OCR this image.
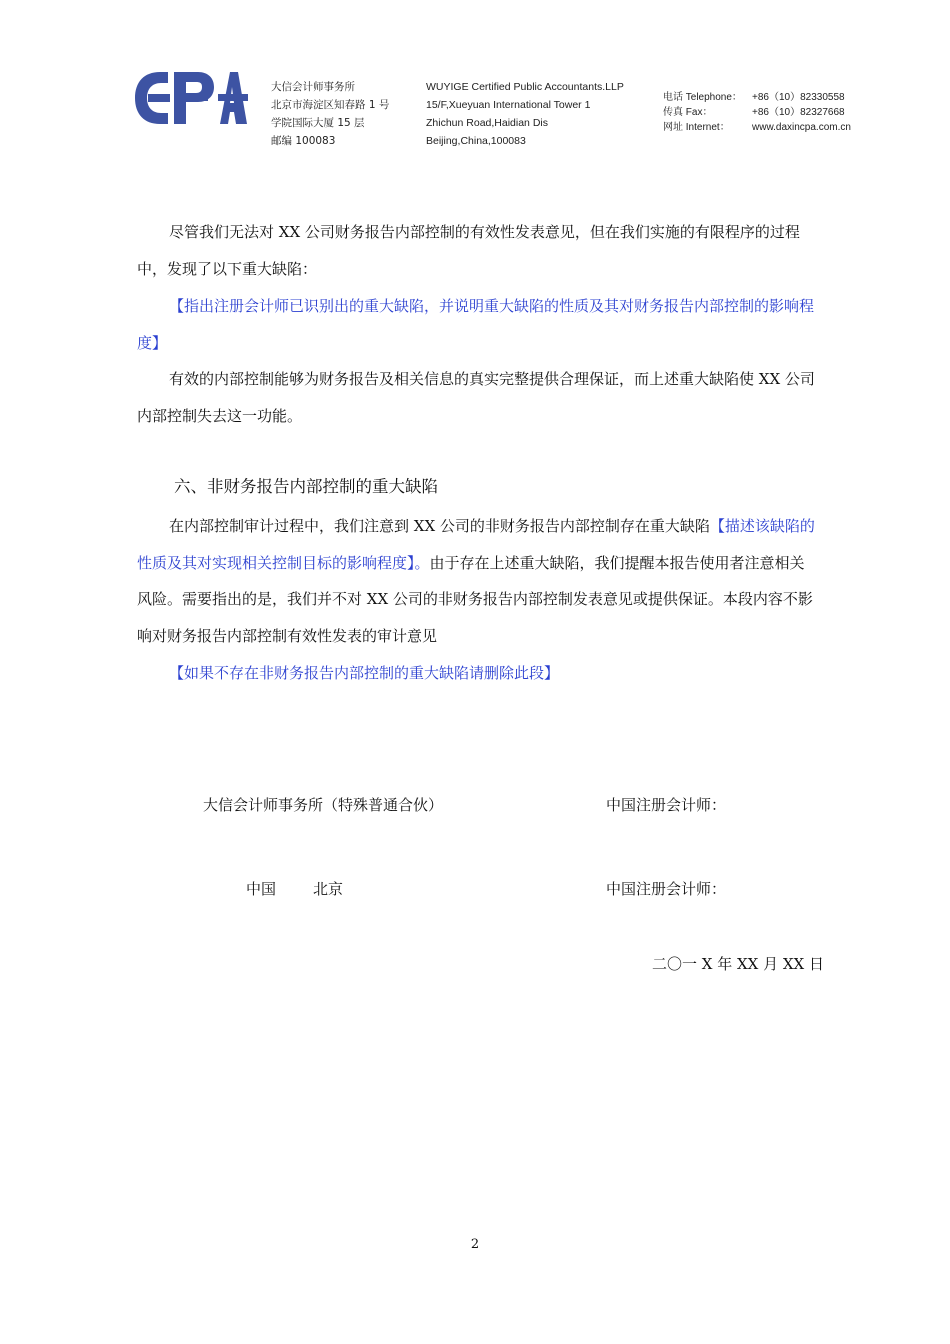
大信会计师事务所
北京市海淀区知春路 1 号
学院国际大厦 15 层
邮编 100083
WUYIGE Certified Public Accountants.LLP
15/F,Xueyuan International Tower 1
Zhichun Road,Haidian Dis
Beijing,China,100083
电话 Telephone：	+86（10）82330558
传真 Fax：	+86（10）82327668
网址 Internet：	www.daxincpa.com.cn
尽管我们无法对 XX 公司财务报告内部控制的有效性发表意见，但在我们实施的有限程序的过程中，发现了以下重大缺陷：
【指出注册会计师已识别出的重大缺陷，并说明重大缺陷的性质及其对财务报告内部控制的影响程度】
有效的内部控制能够为财务报告及相关信息的真实完整提供合理保证，而上述重大缺陷使 XX 公司内部控制失去这一功能。
六、非财务报告内部控制的重大缺陷
在内部控制审计过程中，我们注意到 XX 公司的非财务报告内部控制存在重大缺陷【描述该缺陷的性质及其对实现相关控制目标的影响程度】。由于存在上述重大缺陷，我们提醒本报告使用者注意相关风险。需要指出的是，我们并不对 XX 公司的非财务报告内部控制发表意见或提供保证。本段内容不影响对财务报告内部控制有效性发表的审计意见
【如果不存在非财务报告内部控制的重大缺陷请删除此段】
大信会计师事务所（特殊普通合伙）	中国注册会计师：
中国 北京	中国注册会计师：
二〇一 X 年 XX 月 XX 日
2
